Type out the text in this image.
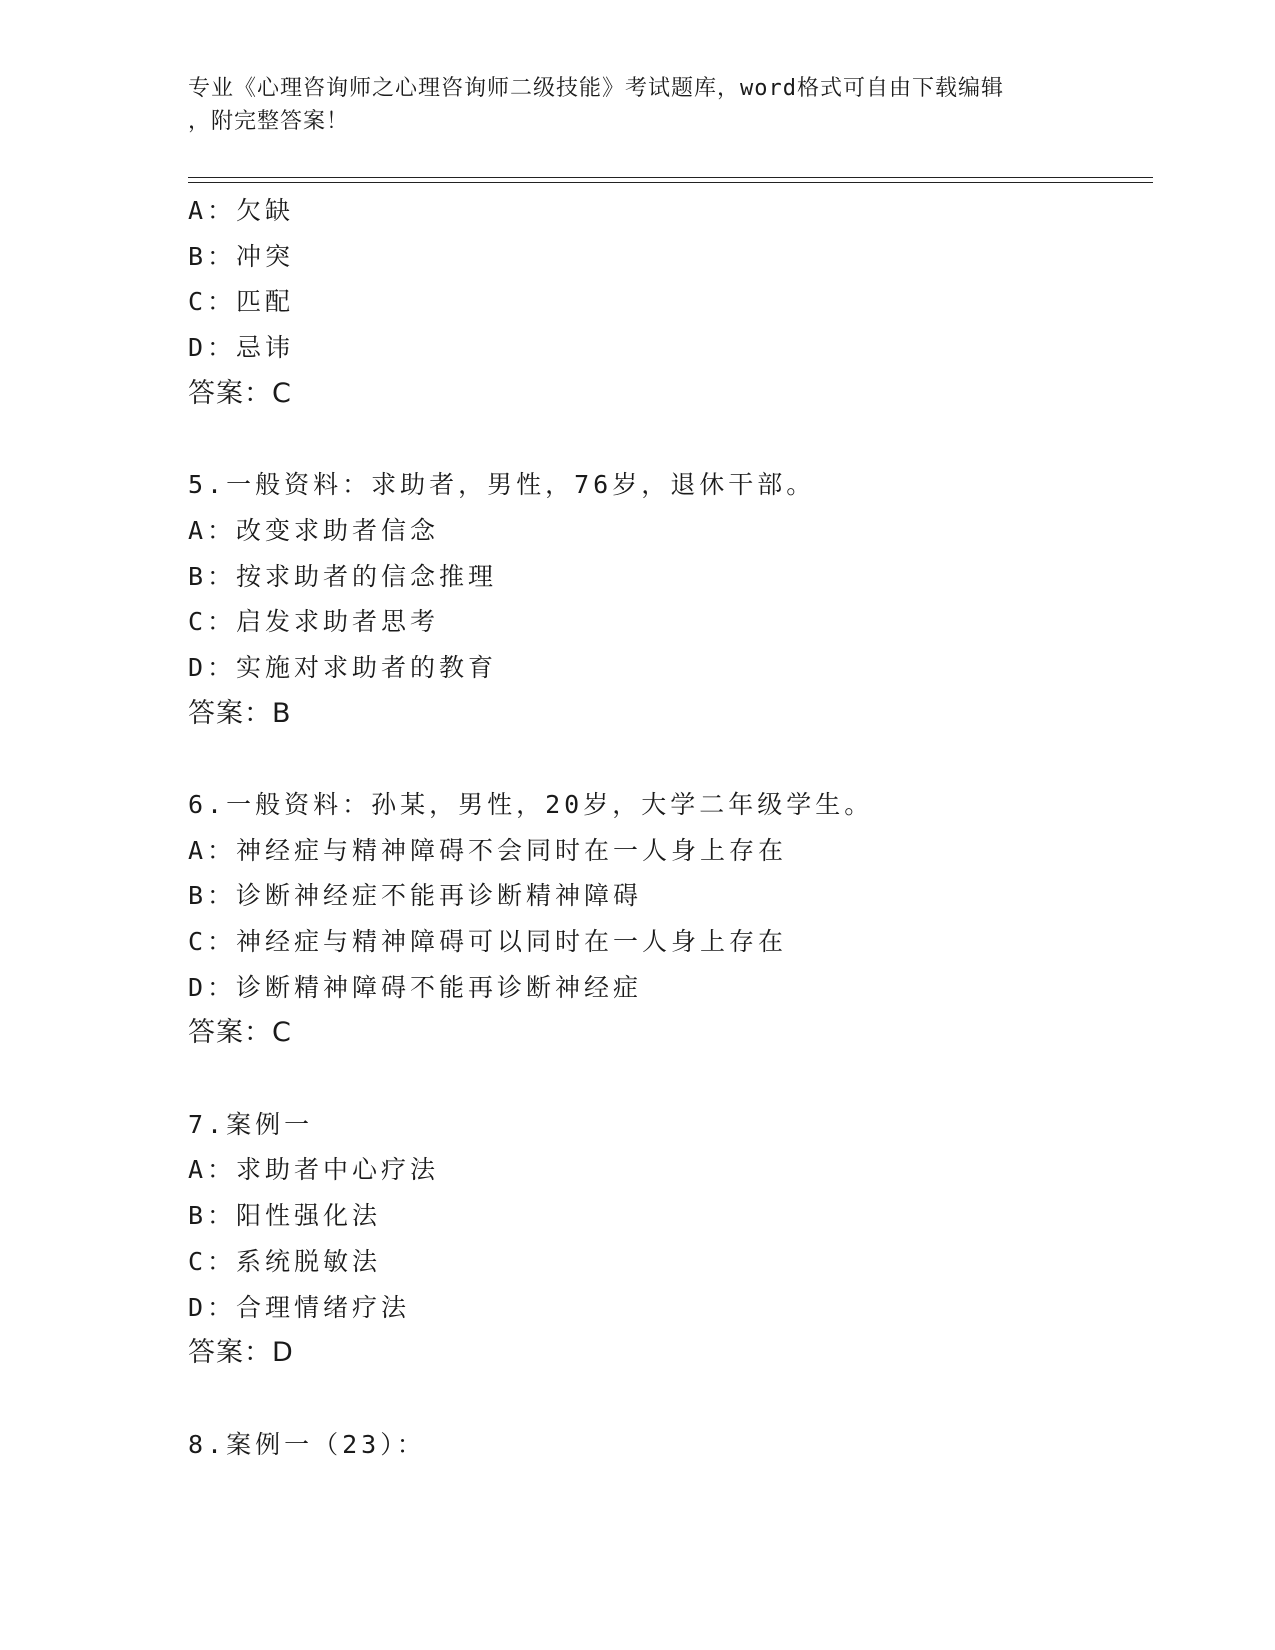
专业《心理咨询师之心理咨询师二级技能》考试题库，word格式可自由下载编辑
，附完整答案！
A：欠缺
B：冲突
C：匹配
D：忌讳
答案：C
5.一般资料：求助者，男性，76岁，退休干部。
A：改变求助者信念
B：按求助者的信念推理
C：启发求助者思考
D：实施对求助者的教育
答案：B
6.一般资料：孙某，男性，20岁，大学二年级学生。
A：神经症与精神障碍不会同时在一人身上存在
B：诊断神经症不能再诊断精神障碍
C：神经症与精神障碍可以同时在一人身上存在
D：诊断精神障碍不能再诊断神经症
答案：C
7.案例一
A：求助者中心疗法
B：阳性强化法
C：系统脱敏法
D：合理情绪疗法
答案：D
8.案例一（23）：
